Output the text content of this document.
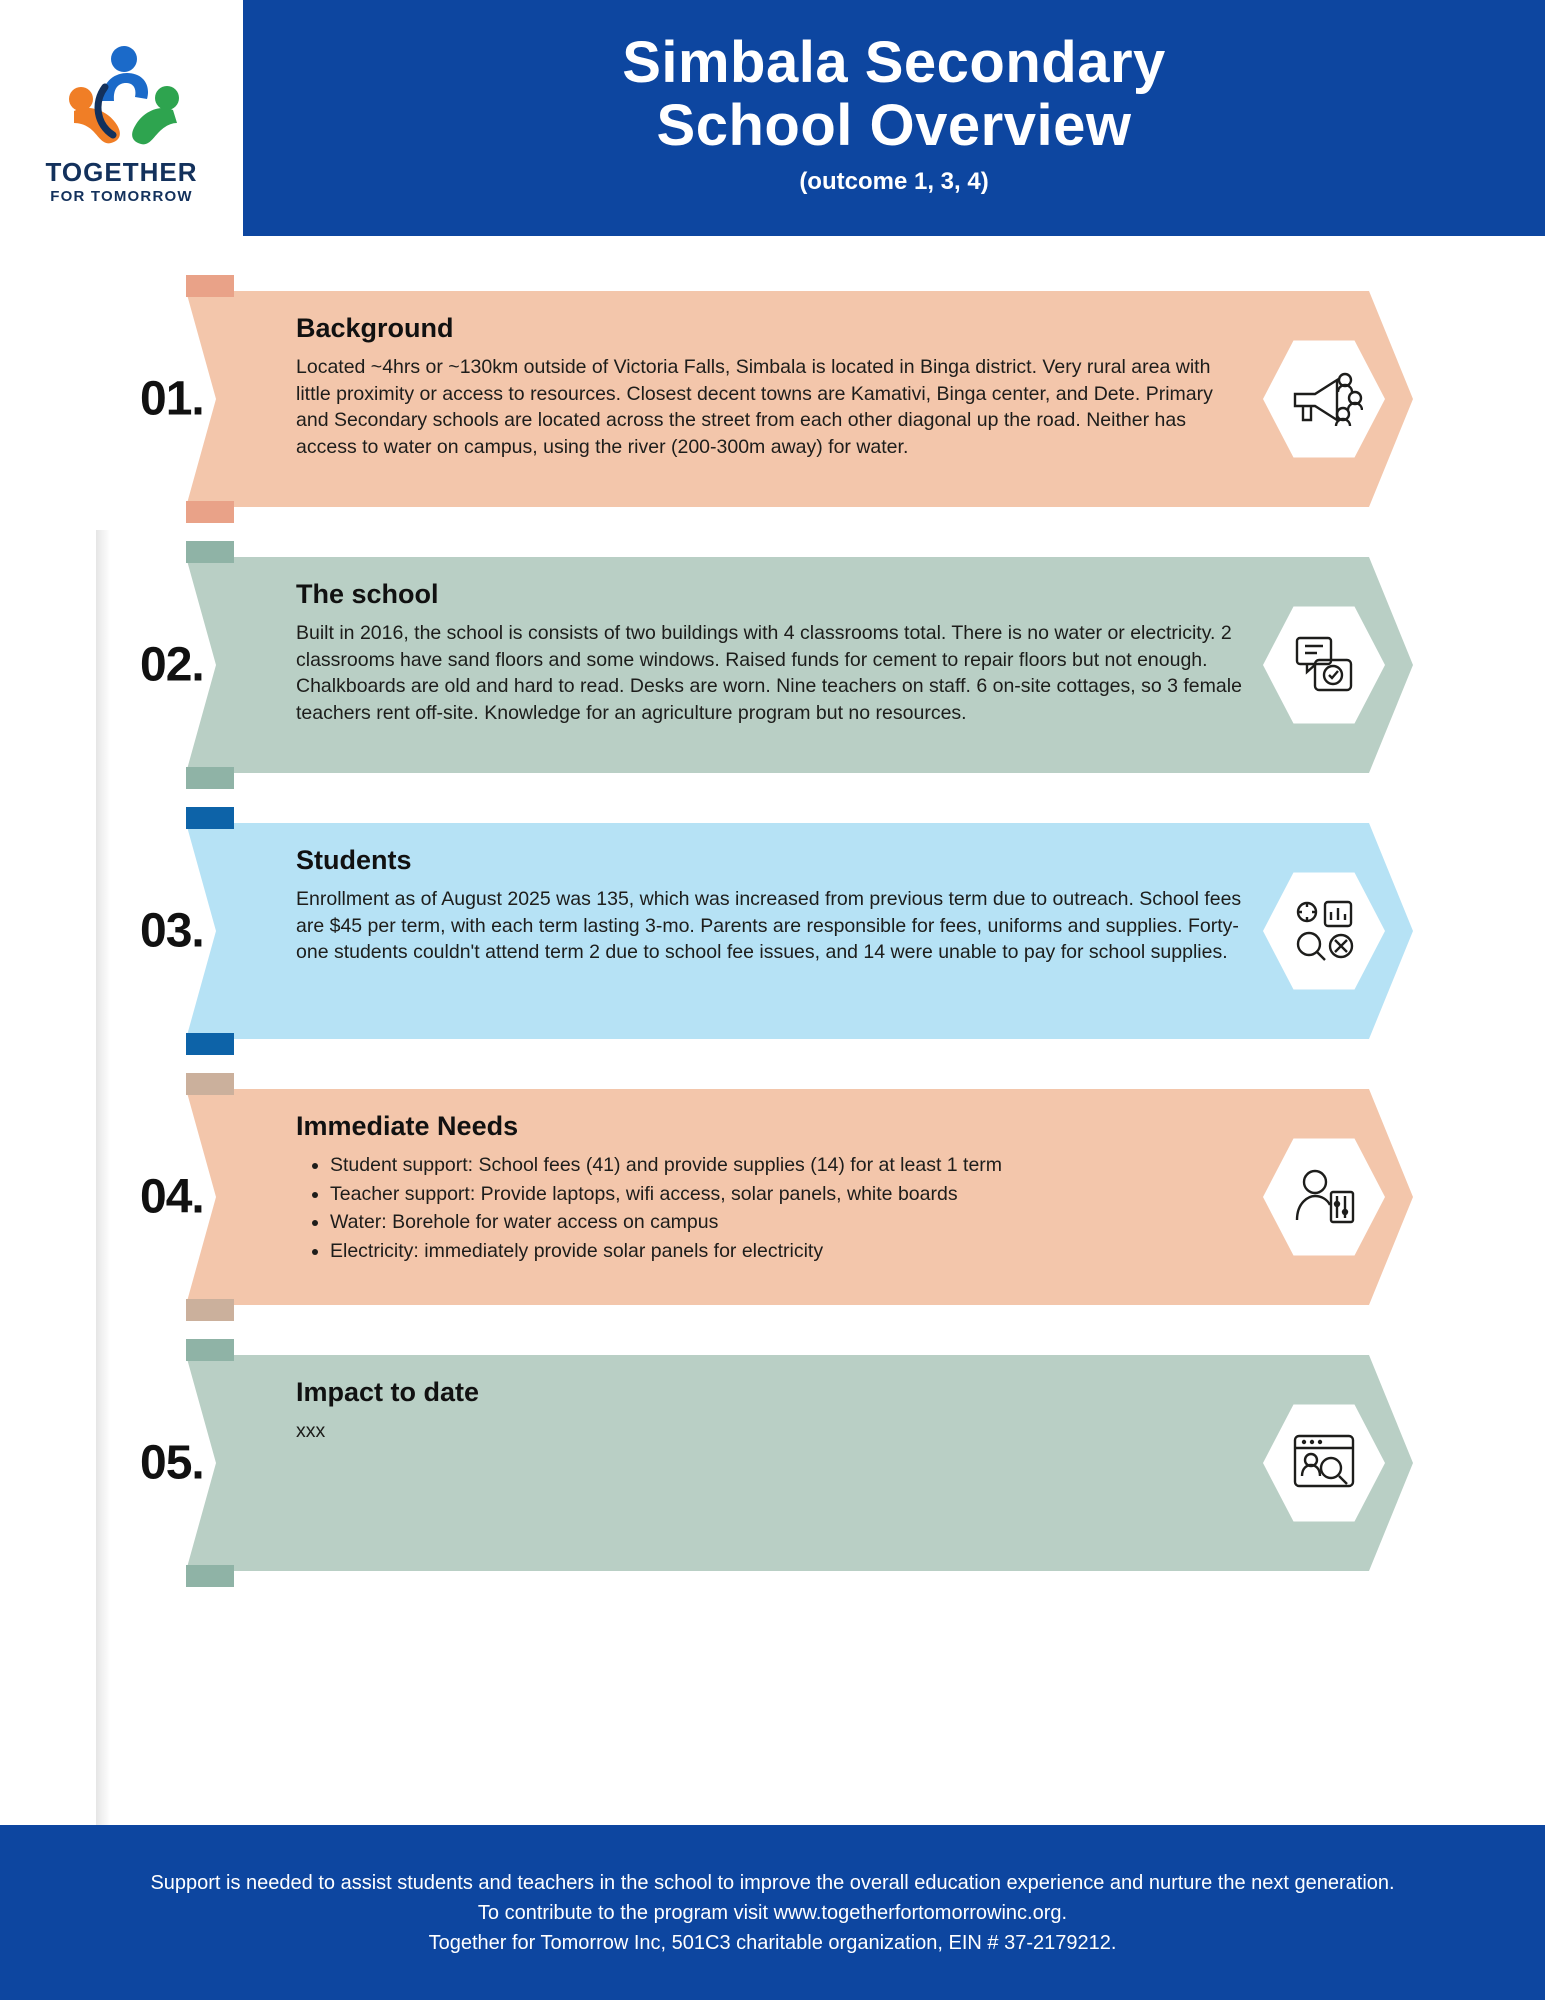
TOGETHER
FOR TOMORROW
Simbala Secondary
School Overview
(outcome 1, 3, 4)
01.
Background
Located ~4hrs or ~130km outside of Victoria Falls, Simbala is located in Binga district. Very rural area with little proximity or access to resources. Closest decent towns are Kamativi, Binga center, and Dete. Primary and Secondary schools are located across the street from each other diagonal up the road. Neither has access to water on campus, using the river (200-300m away) for water.
02.
The school
Built in 2016, the school is consists of two buildings with 4 classrooms total. There is no water or electricity. 2 classrooms have sand floors and some windows. Raised funds for cement to repair floors but not enough. Chalkboards are old and hard to read. Desks are worn. Nine teachers on staff. 6 on-site cottages, so 3 female teachers rent off-site. Knowledge for an agriculture program but no resources.
03.
Students
Enrollment as of August 2025 was 135, which was increased from previous term due to outreach. School fees are $45 per term, with each term lasting 3-mo. Parents are responsible for fees, uniforms and supplies. Forty-one students couldn't attend term 2 due to school fee issues, and 14 were unable to pay for school supplies.
04.
Immediate Needs
• Student support: School fees (41) and provide supplies (14) for at least 1 term
• Teacher support: Provide laptops, wifi access, solar panels, white boards
• Water: Borehole for water access on campus
• Electricity: immediately provide solar panels for electricity
05.
Impact to date
xxx

Support is needed to assist students and teachers in the school to improve the overall education experience and nurture the next generation.

To contribute to the program visit www.togetherfortomorrowinc.org.

Together for Tomorrow Inc, 501C3 charitable organization, EIN # 37-2179212.
